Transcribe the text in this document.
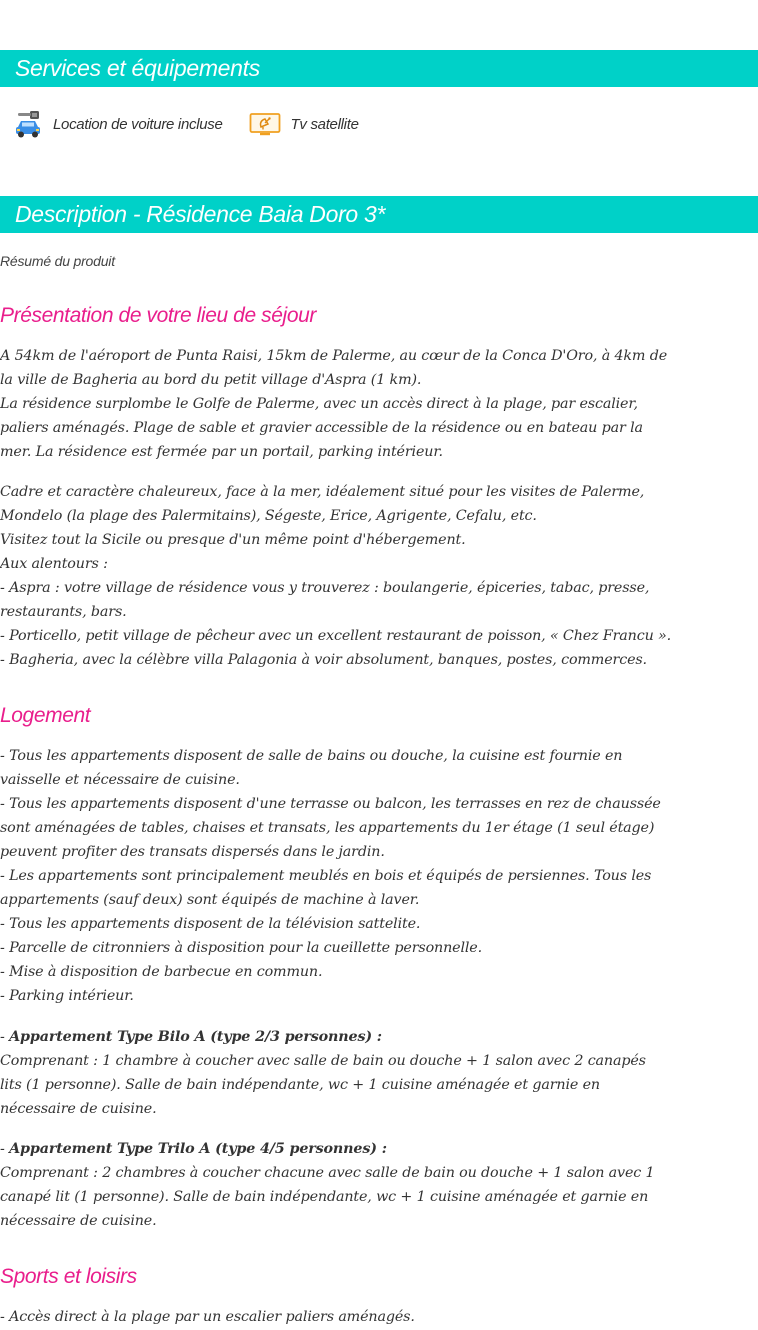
Services et équipements
Location de voiture incluse	Tv satellite
Description - Résidence Baia Doro 3*
Résumé du produit
Présentation de votre lieu de séjour
A 54km de l'aéroport de Punta Raisi, 15km de Palerme, au cœur de la Conca D'Oro, à 4km de
la ville de Bagheria au bord du petit village d'Aspra (1 km).
La résidence surplombe le Golfe de Palerme, avec un accès direct à la plage, par escalier,
paliers aménagés. Plage de sable et gravier accessible de la résidence ou en bateau par la
mer. La résidence est fermée par un portail, parking intérieur.
Cadre et caractère chaleureux, face à la mer, idéalement situé pour les visites de Palerme,
Mondelo (la plage des Palermitains), Ségeste, Erice, Agrigente, Cefalu, etc.
Visitez tout la Sicile ou presque d'un même point d'hébergement.
Aux alentours :
- Aspra : votre village de résidence vous y trouverez : boulangerie, épiceries, tabac, presse,
restaurants, bars.
- Porticello, petit village de pêcheur avec un excellent restaurant de poisson, « Chez Francu ».
- Bagheria, avec la célèbre villa Palagonia à voir absolument, banques, postes, commerces.
Logement
- Tous les appartements disposent de salle de bains ou douche, la cuisine est fournie en
vaisselle et nécessaire de cuisine.
- Tous les appartements disposent d'une terrasse ou balcon, les terrasses en rez de chaussée
sont aménagées de tables, chaises et transats, les appartements du 1er étage (1 seul étage)
peuvent profiter des transats dispersés dans le jardin.
- Les appartements sont principalement meublés en bois et équipés de persiennes. Tous les
appartements (sauf deux) sont équipés de machine à laver.
- Tous les appartements disposent de la télévision sattelite.
- Parcelle de citronniers à disposition pour la cueillette personnelle.
- Mise à disposition de barbecue en commun.
- Parking intérieur.
- Appartement Type Bilo A (type 2/3 personnes) :
Comprenant : 1 chambre à coucher avec salle de bain ou douche + 1 salon avec 2 canapés
lits (1 personne). Salle de bain indépendante, wc + 1 cuisine aménagée et garnie en
nécessaire de cuisine.
- Appartement Type Trilo A (type 4/5 personnes) :
Comprenant : 2 chambres à coucher chacune avec salle de bain ou douche + 1 salon avec 1
canapé lit (1 personne). Salle de bain indépendante, wc + 1 cuisine aménagée et garnie en
nécessaire de cuisine.
Sports et loisirs
- Accès direct à la plage par un escalier paliers aménagés.
